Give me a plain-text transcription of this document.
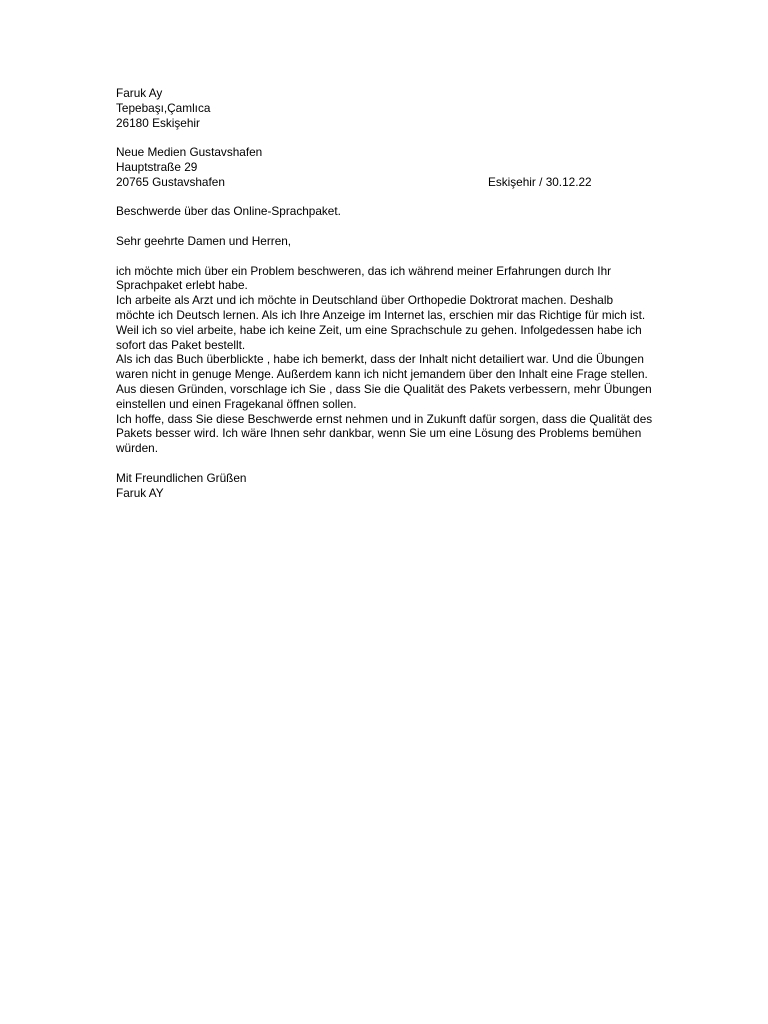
Faruk Ay
Tepebaşı,Çamlıca
26180 Eskişehir
Neue Medien Gustavshafen
Hauptstraße 29
20765 Gustavshafen	Eskişehir / 30.12.22
Beschwerde über das Online-Sprachpaket.
Sehr geehrte Damen und Herren,
ich möchte mich über ein Problem beschweren, das ich während meiner Erfahrungen durch Ihr
Sprachpaket erlebt habe.
Ich arbeite als Arzt und ich möchte in Deutschland über Orthopedie Doktrorat machen. Deshalb
möchte ich Deutsch lernen. Als ich Ihre Anzeige im Internet las, erschien mir das Richtige für mich ist.
Weil ich so viel arbeite, habe ich keine Zeit, um eine Sprachschule zu gehen. Infolgedessen habe ich
sofort das Paket bestellt.
Als ich das Buch überblickte , habe ich bemerkt, dass der Inhalt nicht detailiert war. Und die Übungen
waren nicht in genuge Menge. Außerdem kann ich nicht jemandem über den Inhalt eine Frage stellen.
Aus diesen Gründen, vorschlage ich Sie , dass Sie die Qualität des Pakets verbessern, mehr Übungen
einstellen und einen Fragekanal öffnen sollen.
Ich hoffe, dass Sie diese Beschwerde ernst nehmen und in Zukunft dafür sorgen, dass die Qualität des
Pakets besser wird. Ich wäre Ihnen sehr dankbar, wenn Sie um eine Lösung des Problems bemühen
würden.
Mit Freundlichen Grüßen
Faruk AY
